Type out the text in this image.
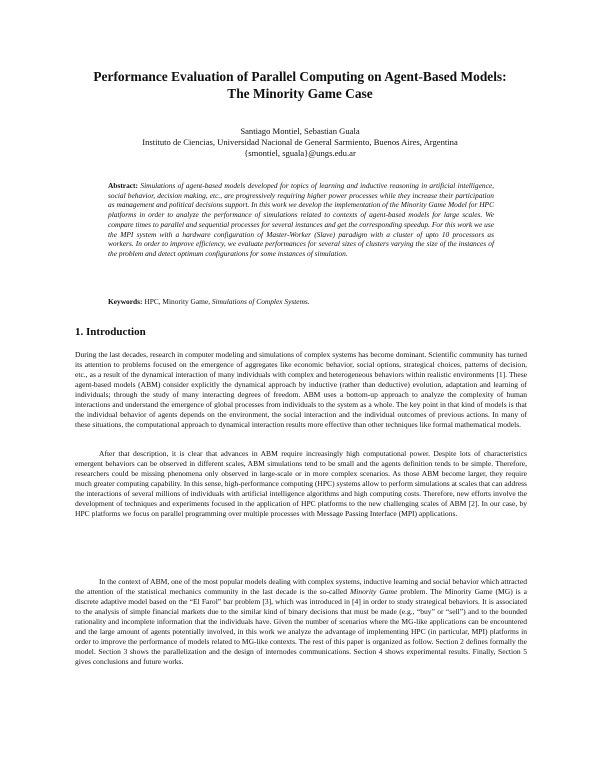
Performance Evaluation of Parallel Computing on Agent-Based Models:
The Minority Game Case
Santiago Montiel, Sebastian Guala
Instituto de Ciencias, Universidad Nacional de General Sarmiento, Buenos Aires, Argentina
{smontiel, sguala}@ungs.edu.ar
Abstract: Simulations of agent-based models developed for topics of learning and inductive reasoning in artificial intelligence, social behavior, decision making, etc., are progressively requiring higher power processes while they increase their participation as management and political decisions support. In this work we develop the implementation of the Minority Game Model for HPC platforms in order to analyze the performance of simulations related to contexts of agent-based models for large scales. We compare times to parallel and sequential processes for several instances and get the corresponding speedup. For this work we use the MPI system with a hardware configuration of Master-Worker (Slave) paradigm with a cluster of upto 10 processors as workers. In order to improve efficiency, we evaluate performances for several sizes of clusters varying the size of the instances of the problem and detect optimum configurations for some instances of simulation.
Keywords: HPC, Minority Game, Simulations of Complex Systems.
1. Introduction
During the last decades, research in computer modeling and simulations of complex systems has become dominant. Scientific community has turned its attention to problems focused on the emergence of aggregates like economic behavior, social options, strategical choices, patterns of decision, etc., as a result of the dynamical interaction of many individuals with complex and heterogeneous behaviors within realistic environments [1]. These agent-based models (ABM) consider explicitly the dynamical approach by inductive (rather than deductive) evolution, adaptation and learning of individuals; through the study of many interacting degrees of freedom. ABM uses a bottom-up approach to analyze the complexity of human interactions and understand the emergence of global processes from individuals to the system as a whole. The key point in that kind of models is that the individual behavior of agents depends on the environment, the social interaction and the individual outcomes of previous actions. In many of these situations, the computational approach to dynamical interaction results more effective than other techniques like formal mathematical models.
After that description, it is clear that advances in ABM require increasingly high computational power. Despite lots of characteristics emergent behaviors can be observed in different scales, ABM simulations tend to be small and the agents definition tends to be simple. Therefore, researchers could be missing phenomena only observed in large-scale or in more complex scenarios. As those ABM become larger, they require much greater computing capability. In this sense, high-performance computing (HPC) systems allow to perform simulations at scales that can address the interactions of several millions of individuals with artificial intelligence algorithms and high computing costs. Therefore, new efforts involve the development of techniques and experiments focused in the application of HPC platforms to the new challenging scales of ABM [2]. In our case, by HPC platforms we focus on parallel programming over multiple processes with Message Passing Interface (MPI) applications.
In the context of ABM, one of the most popular models dealing with complex systems, inductive learning and social behavior which attracted the attention of the statistical mechanics community in the last decade is the so-called Minority Game problem. The Minority Game (MG) is a discrete adaptive model based on the “El Farol” bar problem [3], which was introduced in [4] in order to study strategical behaviors. It is associated to the analysis of simple financial markets due to the similar kind of binary decisions that must be made (e.g., “buy” or “sell”) and to the bounded rationality and incomplete information that the individuals have. Given the number of scenarios where the MG-like applications can be encountered and the large amount of agents potentially involved, in this work we analyze the advantage of implementing HPC (in particular, MPI) platforms in order to improve the performance of models related to MG-like contexts. The rest of this paper is organized as follow. Section 2 defines formally the model. Section 3 shows the parallelization and the design of internodes communications. Section 4 shows experimental results. Finally, Section 5 gives conclusions and future works.
